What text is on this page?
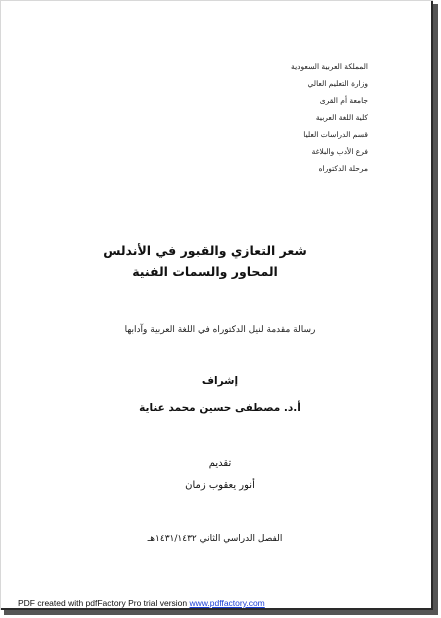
المملكة العربية السعودية
وزارة التعليم العالي
جامعة أم القرى
كلية اللغة العربية
قسم الدراسات العليا
فرع الأدب والبلاغة
مرحلة الدكتوراه
شعر التعازي والقبور في الأندلس
المحاور والسمات الفنية
رسالة مقدمة لنيل الدكتوراه في اللغة العربية وآدابها
إشراف
أ.د. مصطفى حسين محمد عناية
تقديم
أنور يعقوب زمان
الفصل الدراسي الثاني ١٤٣١/١٤٣٢هـ
PDF created with pdfFactory Pro trial version www.pdffactory.com
